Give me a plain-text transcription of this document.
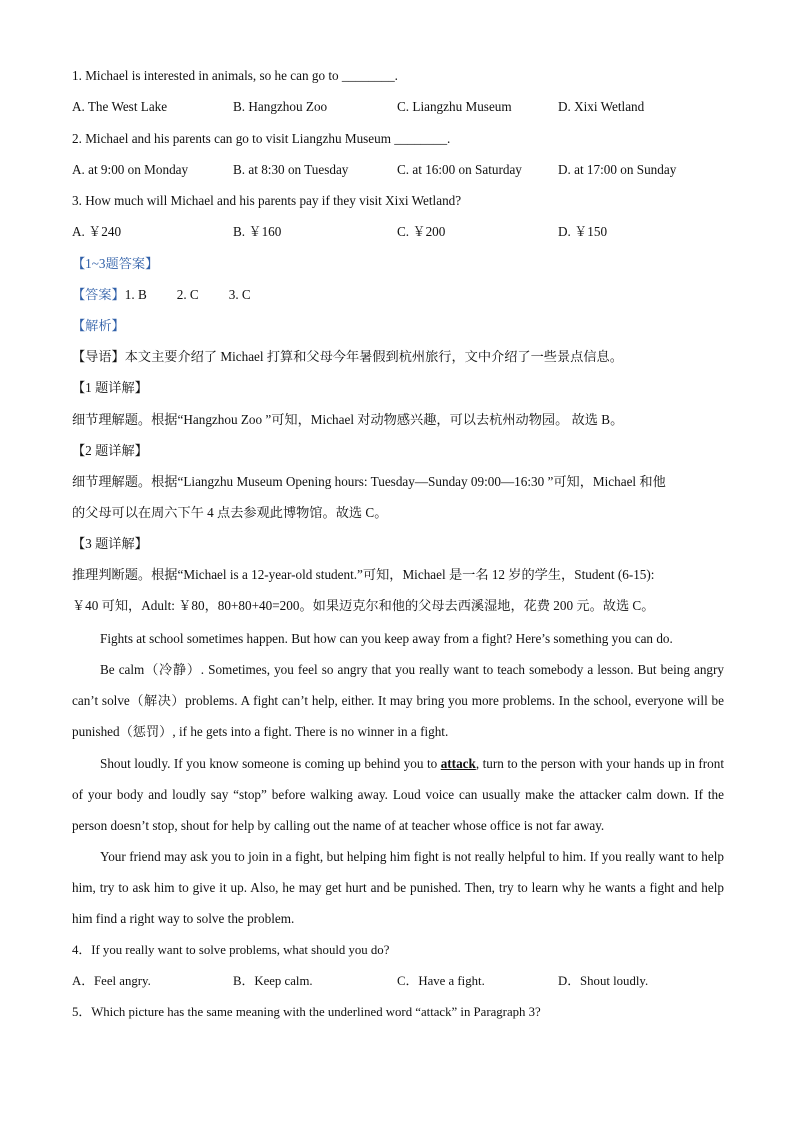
1. Michael is interested in animals, so he can go to ________.
A. The West Lake	B. Hangzhou Zoo	C. Liangzhu Museum	D. Xixi Wetland
2. Michael and his parents can go to visit Liangzhu Museum ________.
A. at 9:00 on Monday	B. at 8:30 on Tuesday	C. at 16:00 on Saturday	D. at 17:00 on Sunday
3. How much will Michael and his parents pay if they visit Xixi Wetland?
A. ￥240	B. ￥160	C. ￥200	D. ￥150
【1~3题答案】
【答案】1. B 2. C 3. C
【解析】
【导语】本文主要介绍了 Michael 打算和父母今年暑假到杭州旅行，文中介绍了一些景点信息。
【1 题详解】
细节理解题。根据“Hangzhou Zoo ”可知，Michael 对动物感兴趣，可以去杭州动物园。 故选 B。
【2 题详解】
细节理解题。根据“Liangzhu Museum Opening hours: Tuesday—Sunday 09:00—16:30 ”可知，Michael 和他
的父母可以在周六下午 4 点去参观此博物馆。故选 C。
【3 题详解】
推理判断题。根据“Michael is a 12-year-old student.”可知，Michael 是一名 12 岁的学生，Student (6-15):
￥40 可知，Adult: ￥80，80+80+40=200。如果迈克尔和他的父母去西溪湿地，花费 200 元。故选 C。
Fights at school sometimes happen. But how can you keep away from a fight? Here’s something you can do.
Be calm（冷静）. Sometimes, you feel so angry that you really want to teach somebody a lesson. But being angry can’t solve（解决）problems. A fight can’t help, either. It may bring you more problems. In the school, everyone will be punished（惩罚）, if he gets into a fight. There is no winner in a fight.
Shout loudly. If you know someone is coming up behind you to attack, turn to the person with your hands up in front of your body and loudly say “stop” before walking away. Loud voice can usually make the attacker calm down. If the person doesn’t stop, shout for help by calling out the name of at teacher whose office is not far away.
Your friend may ask you to join in a fight, but helping him fight is not really helpful to him. If you really want to help him, try to ask him to give it up. Also, he may get hurt and be punished. Then, try to learn why he wants a fight and help him find a right way to solve the problem.
4．If you really want to solve problems, what should you do?
A．Feel angry.	B．Keep calm.	C．Have a fight.	D．Shout loudly.
5．Which picture has the same meaning with the underlined word “attack” in Paragraph 3?
